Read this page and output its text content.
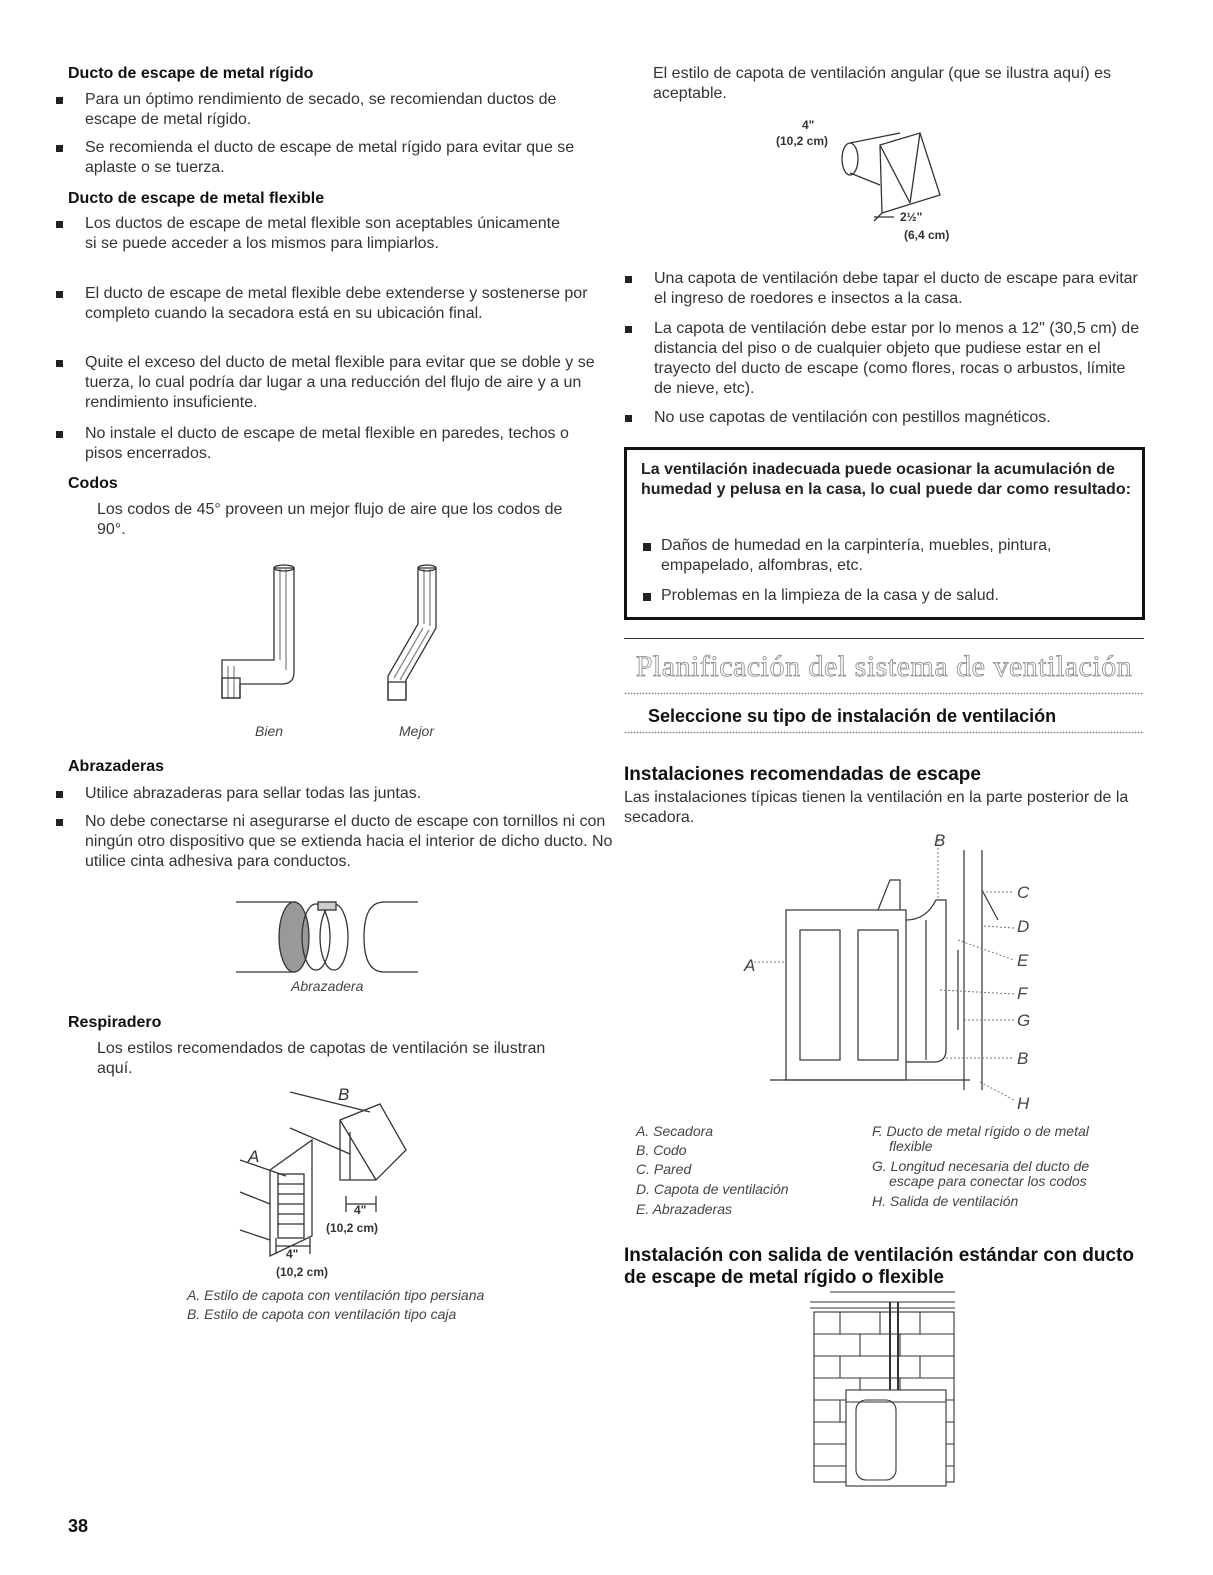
Ducto de escape de metal rígido
Para un óptimo rendimiento de secado, se recomiendan ductos de escape de metal rígido.
Se recomienda el ducto de escape de metal rígido para evitar que se aplaste o se tuerza.
Ducto de escape de metal flexible
Los ductos de escape de metal flexible son aceptables únicamente si se puede acceder a los mismos para limpiarlos.
El ducto de escape de metal flexible debe extenderse y sostenerse por completo cuando la secadora está en su ubicación final.
Quite el exceso del ducto de metal flexible para evitar que se doble y se tuerza, lo cual podría dar lugar a una reducción del flujo de aire y a un rendimiento insuficiente.
No instale el ducto de escape de metal flexible en paredes, techos o pisos encerrados.
Codos
Los codos de 45° proveen un mejor flujo de aire que los codos de 90°.
Bien	Mejor
Abrazaderas
Utilice abrazaderas para sellar todas las juntas.
No debe conectarse ni asegurarse el ducto de escape con tornillos ni con ningún otro dispositivo que se extienda hacia el interior de dicho ducto. No utilice cinta adhesiva para conductos.
Abrazadera
Respiradero
Los estilos recomendados de capotas de ventilación se ilustran aquí.
B
A
4"
(10,2 cm)
4"
(10,2 cm)
A. Estilo de capota con ventilación tipo persiana
B. Estilo de capota con ventilación tipo caja
38
El estilo de capota de ventilación angular (que se ilustra aquí) es aceptable.
4"
(10,2 cm)
2½"
(6,4 cm)
Una capota de ventilación debe tapar el ducto de escape para evitar el ingreso de roedores e insectos a la casa.
La capota de ventilación debe estar por lo menos a 12" (30,5 cm) de distancia del piso o de cualquier objeto que pudiese estar en el trayecto del ducto de escape (como flores, rocas o arbustos, límite de nieve, etc).
No use capotas de ventilación con pestillos magnéticos.
La ventilación inadecuada puede ocasionar la acumulación de humedad y pelusa en la casa, lo cual puede dar como resultado:
Daños de humedad en la carpintería, muebles, pintura, empapelado, alfombras, etc.
Problemas en la limpieza de la casa y de salud.
Planificación del sistema de ventilación
Seleccione su tipo de instalación de ventilación
Instalaciones recomendadas de escape
Las instalaciones típicas tienen la ventilación en la parte posterior de la secadora.
A
B
C
D
E
F
G
B
H
A. Secadora
B. Codo
C. Pared
D. Capota de ventilación
E. Abrazaderas
F. Ducto de metal rígido o de metal
flexible
G. Longitud necesaria del ducto de
escape para conectar los codos
H. Salida de ventilación
Instalación con salida de ventilación estándar con ducto de escape de metal rígido o flexible
